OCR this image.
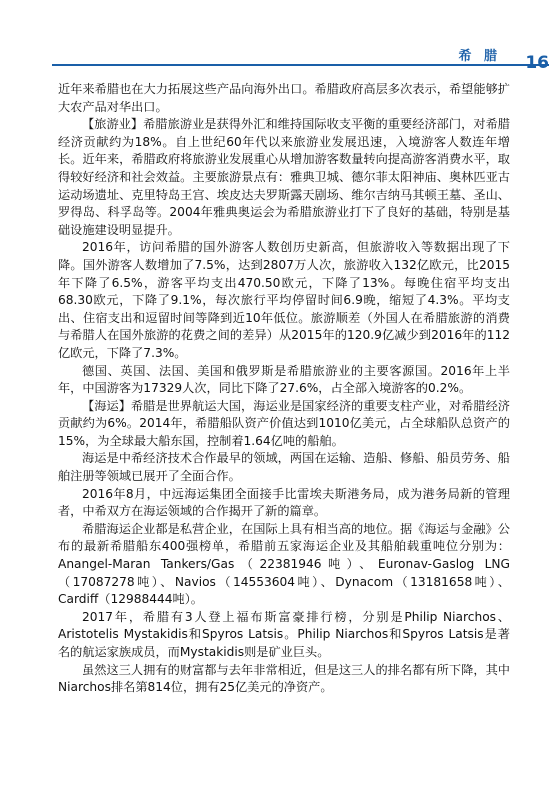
希 腊 16

近年来希腊也在大力拓展这些产品向海外出口。希腊政府高层多次表示，希望能够扩大农产品对华出口。

【旅游业】希腊旅游业是获得外汇和维持国际收支平衡的重要经济部门，对希腊经济贡献约为18%。自上世纪60年代以来旅游业发展迅速，入境游客人数连年增长。近年来，希腊政府将旅游业发展重心从增加游客数量转向提高游客消费水平，取得较好经济和社会效益。主要旅游景点有：雅典卫城、德尔菲太阳神庙、奥林匹亚古运动场遗址、克里特岛王宫、埃皮达夫罗斯露天剧场、维尔吉纳马其顿王墓、圣山、罗得岛、科孚岛等。2004年雅典奥运会为希腊旅游业打下了良好的基础，特别是基础设施建设明显提升。

2016年，访问希腊的国外游客人数创历史新高，但旅游收入等数据出现了下降。国外游客人数增加了7.5%，达到2807万人次，旅游收入132亿欧元，比2015年下降了6.5%，游客平均支出470.50欧元，下降了13%。每晚住宿平均支出68.30欧元，下降了9.1%，每次旅行平均停留时间6.9晚，缩短了4.3%。平均支出、住宿支出和逗留时间等降到近10年低位。旅游顺差（外国人在希腊旅游的消费与希腊人在国外旅游的花费之间的差异）从2015年的120.9亿减少到2016年的112亿欧元，下降了7.3%。

德国、英国、法国、美国和俄罗斯是希腊旅游业的主要客源国。2016年上半年，中国游客为17329人次，同比下降了27.6%，占全部入境游客的0.2%。

【海运】希腊是世界航运大国，海运业是国家经济的重要支柱产业，对希腊经济贡献约为6%。2014年，希腊船队资产价值达到1010亿美元，占全球船队总资产的15%，为全球最大船东国，控制着1.64亿吨的船舶。

海运是中希经济技术合作最早的领域，两国在运输、造船、修船、船员劳务、船舶注册等领域已展开了全面合作。

2016年8月，中远海运集团全面接手比雷埃夫斯港务局，成为港务局新的管理者，中希双方在海运领域的合作揭开了新的篇章。

希腊海运企业都是私营企业，在国际上具有相当高的地位。据《海运与金融》公布的最新希腊船东400强榜单，希腊前五家海运企业及其船舶载重吨位分别为：Anangel-Maran Tankers/Gas（22381946吨）、Euronav-Gaslog LNG（17087278吨）、Navios（14553604吨）、Dynacom（13181658吨）、Cardiff（12988444吨）。

2017年，希腊有3人登上福布斯富豪排行榜，分别是Philip Niarchos、Aristotelis Mystakidis和Spyros Latsis。Philip Niarchos和Spyros Latsis是著名的航运家族成员，而Mystakidis则是矿业巨头。

虽然这三人拥有的财富都与去年非常相近，但是这三人的排名都有所下降，其中Niarchos排名第814位，拥有25亿美元的净资产。
